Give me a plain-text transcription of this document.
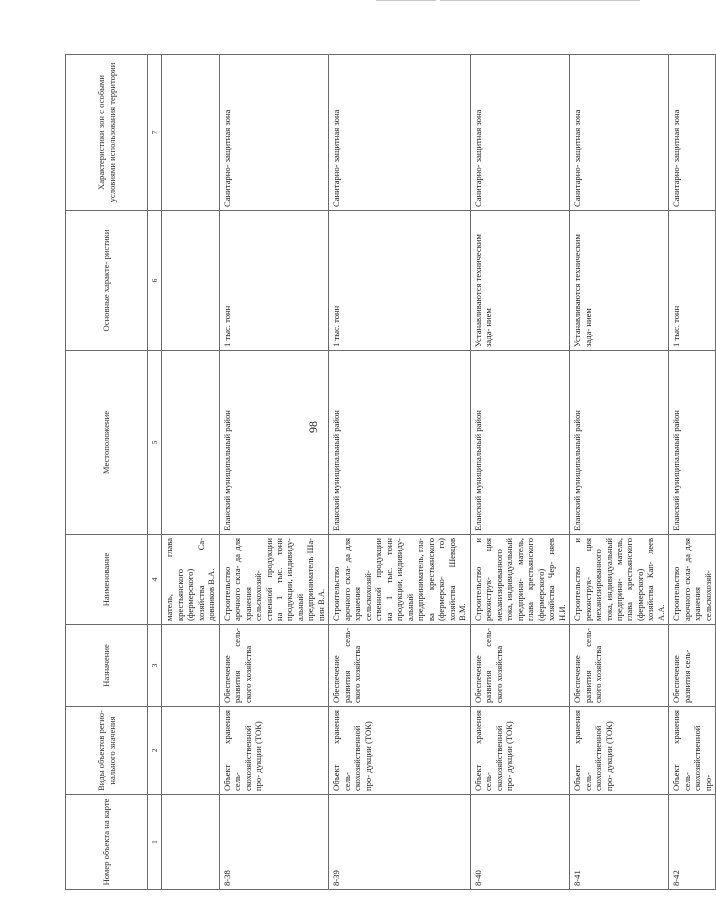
98
Номер объекта на карте	Виды объектов регио- нального значения	Назначение	Наименование	Местоположение	Основные характе- ристики	Характеристики зон с особыми условиями использования территории
1	2	3	4	5	6	7
			матель, глава крестьянского (фермерского) хозяйства Са- довников В.А.			
8-38	Объект хранения сель- скохозяйственной про- дукции (ТОК)	Обеспечение развития сель- ского хозяйства	Строительство арочного скла- да для хранения сельскохозяй- ственной продукции на 1 тыс. тонн продукции, индивиду- альный предприниматель Ша- пин В.А.	Еланский муниципальный район	1 тыс. тонн	Санитарно- защитная зона
8-39	Объект хранения сель- скохозяйственной про- дукции (ТОК)	Обеспечение развития сель- ского хозяйства	Строительство арочного скла- да для хранения сельскохозяй- ственной продукции на 1 тыс. тонн продукции, индивиду- альный предприниматель, гла- ва крестьянского (фермерско- го) хозяйства Шевцов В.М.	Еланский муниципальный район	1 тыс. тонн	Санитарно- защитная зона
8-40	Объект хранения сель- скохозяйственной про- дукции (ТОК)	Обеспечение развития сель- ского хозяйства	Строительство и реконструк- ция механизированного тока, индивидуальный предприни- матель, глава крестьянского (фермерского) хозяйства Чер- няев Н.И.	Еланский муниципальный район	Устанавливаются техническим зада- нием	Санитарно- защитная зона
8-41	Объект хранения сель- скохозяйственной про- дукции (ТОК)	Обеспечение развития сель- ского хозяйства	Строительство и реконструк- ция механизированного тока, индивидуальный предприни- матель, глава крестьянского (фермерского) хозяйства Кап- леев А.А.	Еланский муниципальный район	Устанавливаются техническим зада- нием	Санитарно- защитная зона
8-42	Объект хранения сель- скохозяйственной про-	Обеспечение развития сель-	Строительство арочного скла- да для хранения сельскохозяй-	Еланский муниципальный район	1 тыс. тонн	Санитарно- защитная зона
